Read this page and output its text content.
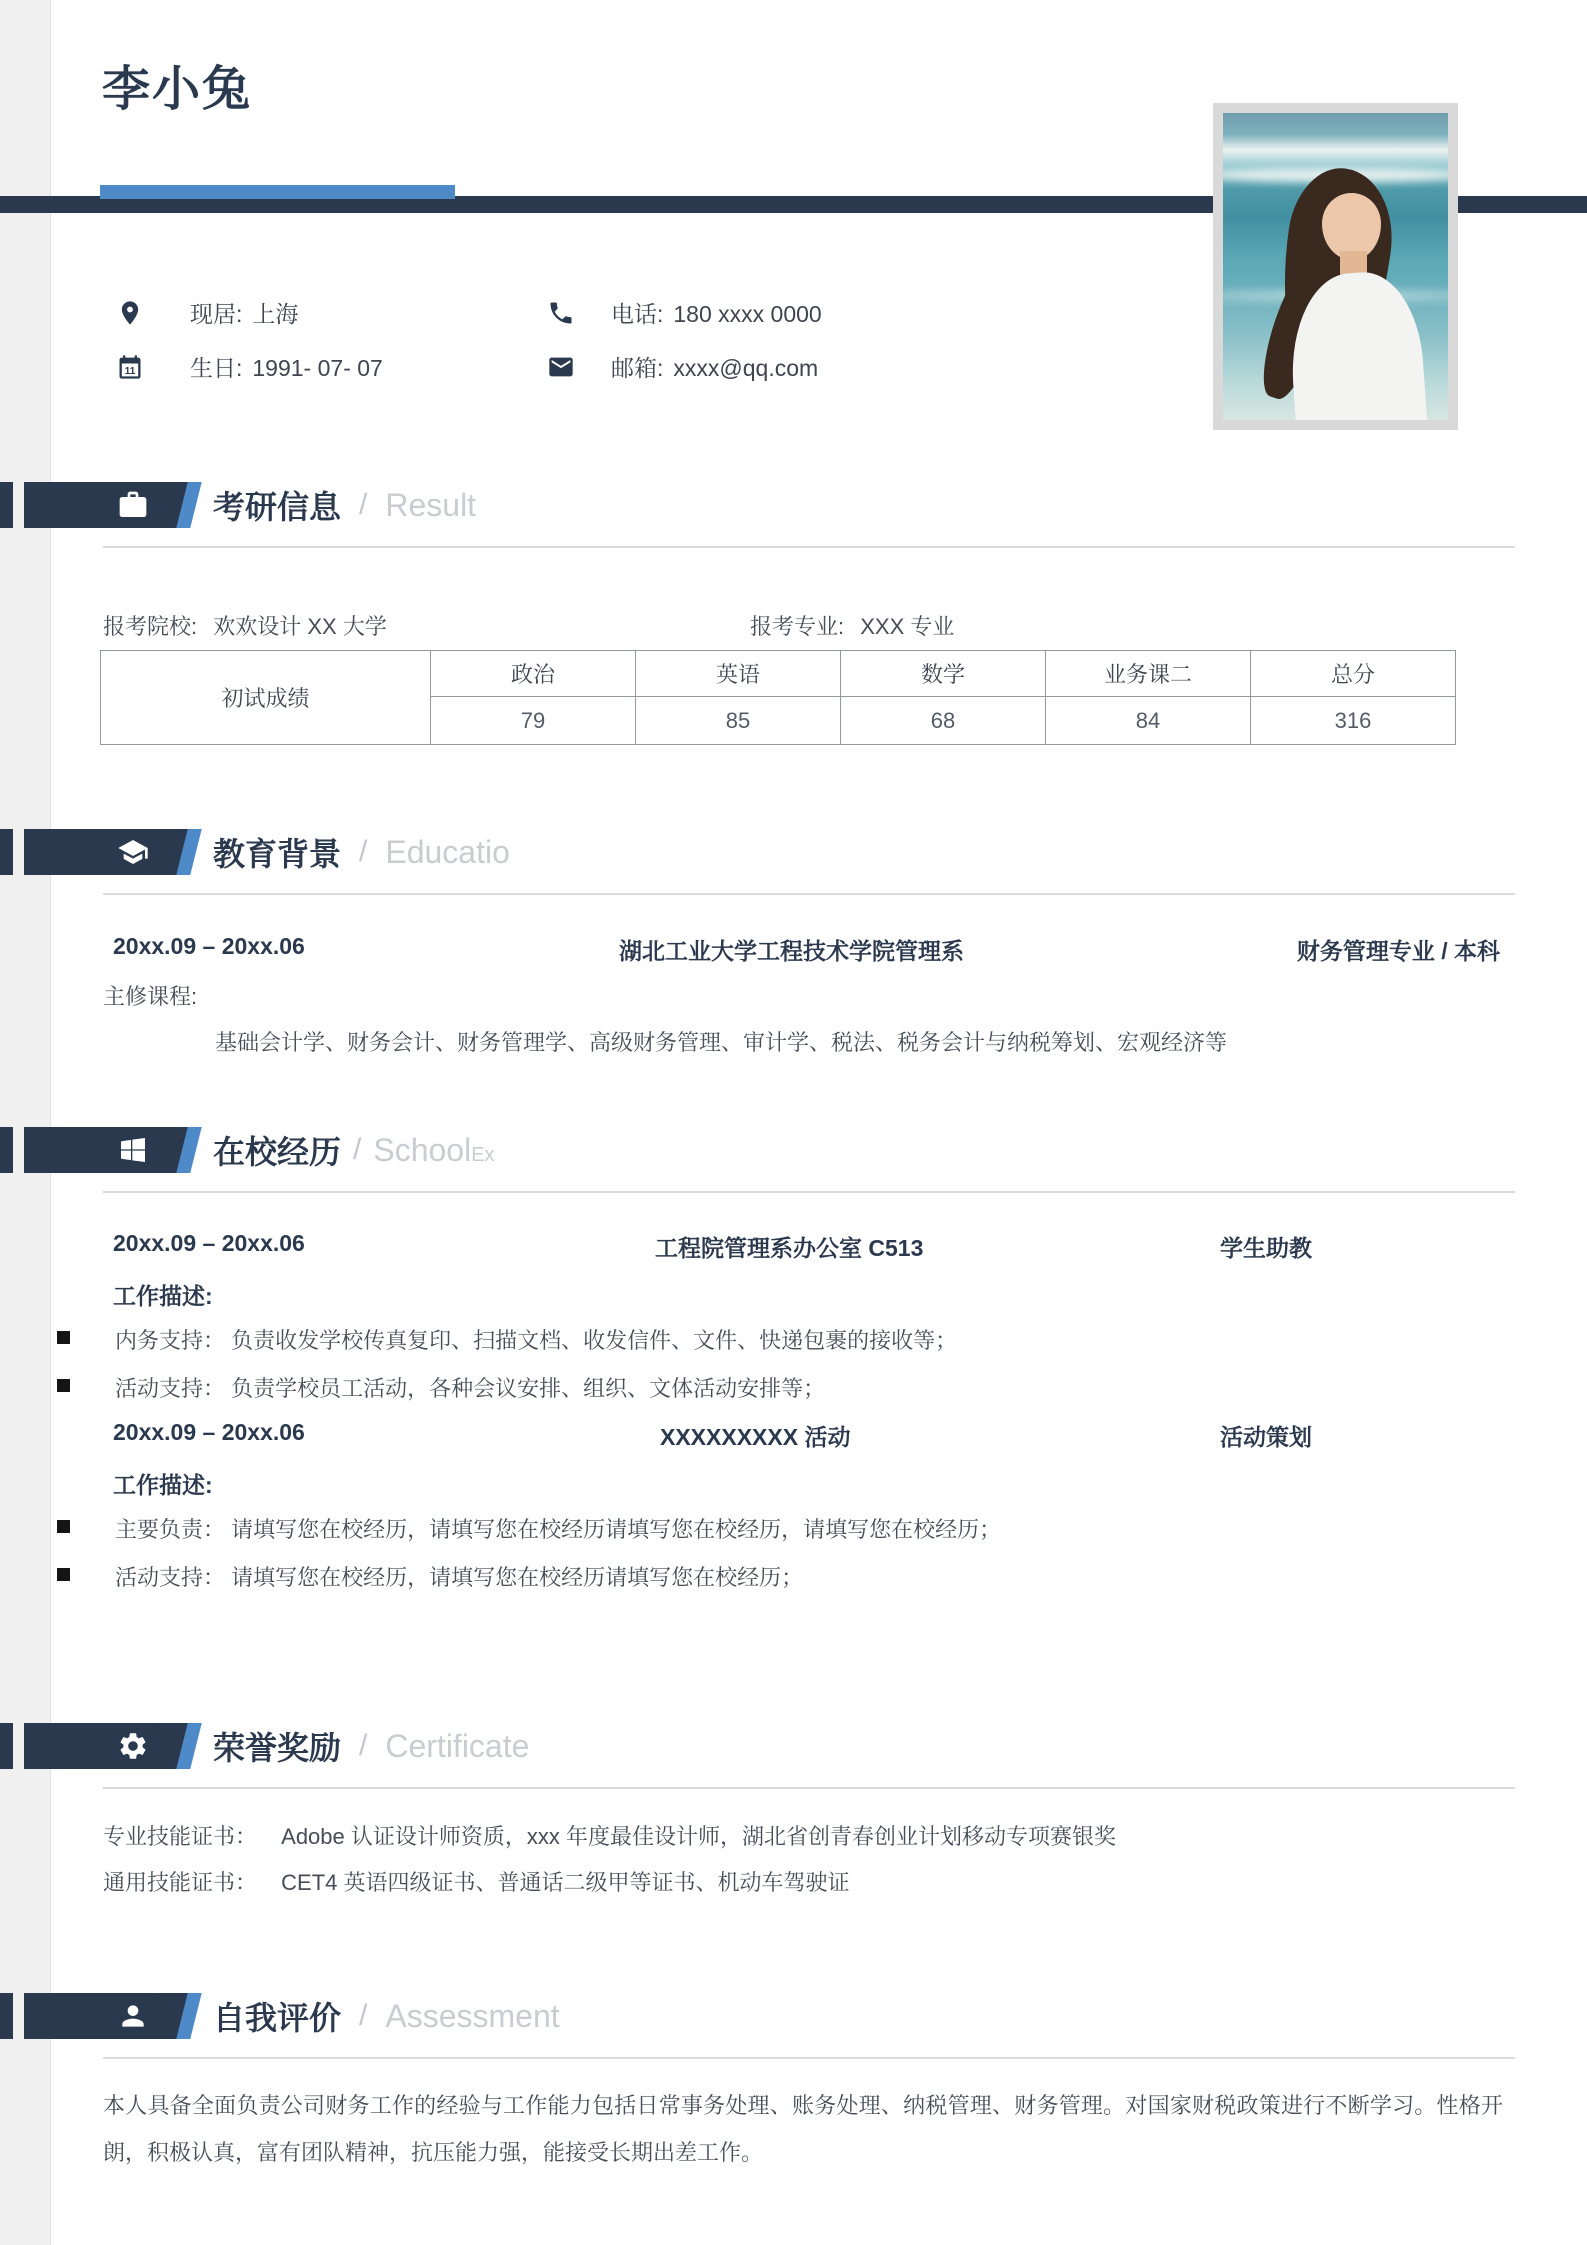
李小兔
现居: 上海
11 生日: 1991- 07- 07
电话: 180 xxxx 0000
邮箱: xxxx@qq.com
考研信息 / Result
报考院校: 欢欢设计 XX 大学	报考专业: XXX 专业
初试成绩	政治	英语	数学	业务课二	总分
	79	85	68	84	316
教育背景 / Educatio
20xx.09 – 20xx.06	湖北工业大学工程技术学院管理系	财务管理专业 / 本科
主修课程:
基础会计学、财务会计、财务管理学、高级财务管理、审计学、税法、税务会计与纳税筹划、宏观经济等
在校经历 / SchoolEx
20xx.09 – 20xx.06	工程院管理系办公室 C513	学生助教
工作描述:
内务支持： 负责收发学校传真复印、扫描文档、收发信件、文件、快递包裹的接收等；
活动支持： 负责学校员工活动，各种会议安排、组织、文体活动安排等；
20xx.09 – 20xx.06	XXXXXXXXX 活动	活动策划
工作描述:
主要负责： 请填写您在校经历，请填写您在校经历请填写您在校经历，请填写您在校经历；
活动支持： 请填写您在校经历，请填写您在校经历请填写您在校经历；
荣誉奖励 / Certificate
专业技能证书： Adobe 认证设计师资质，xxx 年度最佳设计师，湖北省创青春创业计划移动专项赛银奖
通用技能证书： CET4 英语四级证书、普通话二级甲等证书、机动车驾驶证
自我评价 / Assessment
本人具备全面负责公司财务工作的经验与工作能力包括日常事务处理、账务处理、纳税管理、财务管理。对国家财税政策进行不断学习。性格开朗，积极认真，富有团队精神，抗压能力强，能接受长期出差工作。
